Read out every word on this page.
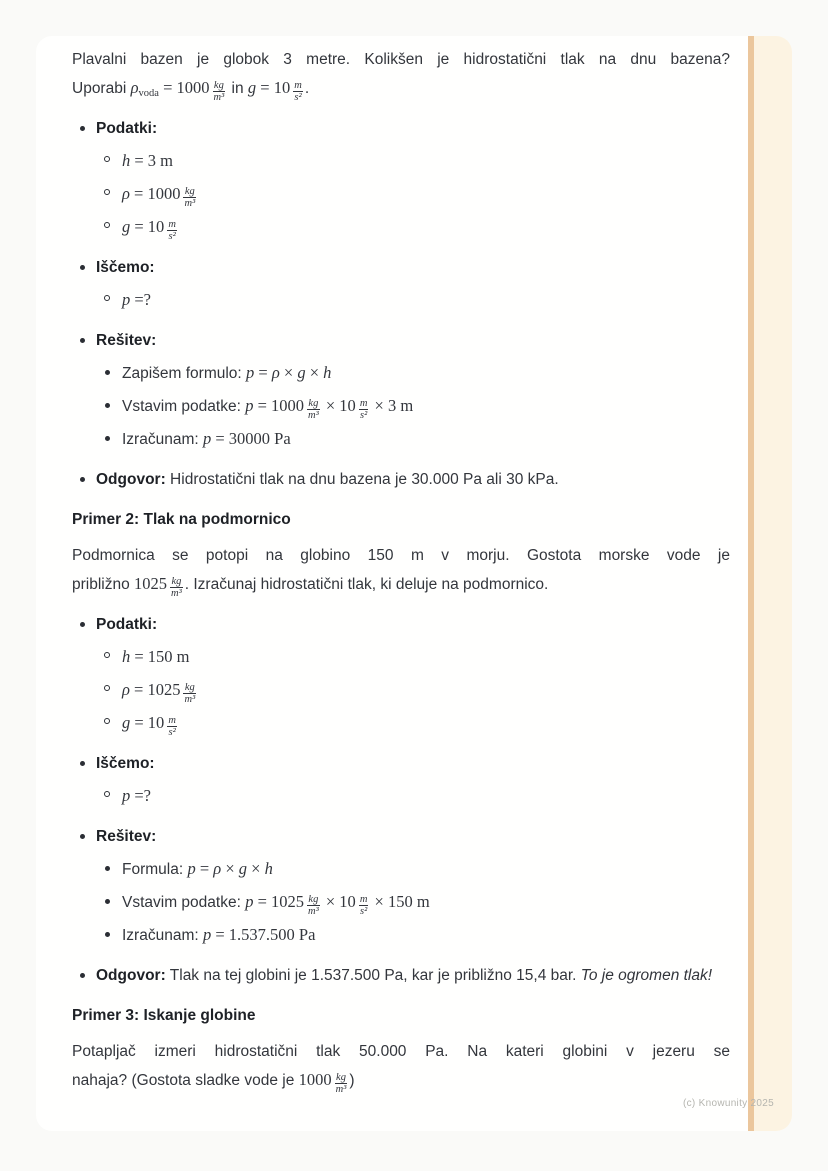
Plavalni bazen je globok 3 metre. Kolikšen je hidrostatični tlak na dnu bazena?
Uporabi ρvoda = $1000 \frac{kg}{\text{m³}}$ in $g = 10 \frac{m}{\text{s²}}$ .
Podatki:
h = 3 m
$\rho = 1000 \frac{kg}{\text{m³}}$
$g = 10 \frac{m}{\text{s²}}$
Iščemo:
p =?
Rešitev:
Zapišem formulo: p = ρ × g × h
Vstavim podatke: $p = 1000 \frac{kg}{\text{m³}} \times 10 \frac{m}{\text{s²}} \times 3$ m
Izračunam: p = 30000 Pa
Odgovor: Hidrostatični tlak na dnu bazena je 30.000 Pa ali 30 kPa.
Primer 2: Tlak na podmornico
Podmornica se potopi na globino 150 m v morju. Gostota morske vode je
približno $1025 \frac{kg}{\text{m³}}$ . Izračunaj hidrostatični tlak, ki deluje na podmornico.
Podatki:
h = 150 m
$\rho = 1025 \frac{kg}{\text{m³}}$
$g = 10 \frac{m}{\text{s²}}$
Iščemo:
p =?
Rešitev:
Formula: p = ρ × g × h
Vstavim podatke: $p = 1025 \frac{kg}{\text{m³}} \times 10 \frac{m}{\text{s²}} \times 150$ m
Izračunam: p = 1.537.500 Pa
Odgovor: Tlak na tej globini je 1.537.500 Pa, kar je približno 15,4 bar. To je ogromen tlak!
Primer 3: Iskanje globine
Potapljač izmeri hidrostatični tlak 50.000 Pa. Na kateri globini v jezeru se
nahaja? (Gostota sladke vode je $1000 \frac{kg}{\text{m³}}$ )
(c) Knowunity 2025
